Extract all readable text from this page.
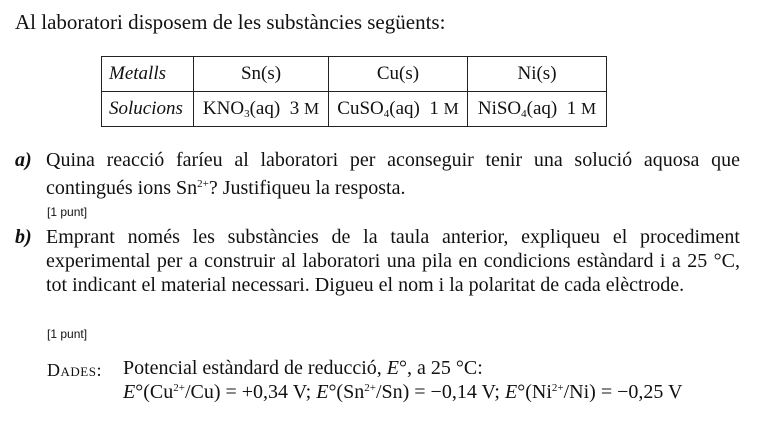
Al laboratori disposem de les substàncies següents:
Metalls	Sn(s)	Cu(s)	Ni(s)
Solucions	$KNO_3(aq)$ 3 M	CuSO$_4$(aq) 1 M	NiSO$_4$(aq) 1 M
a) Quina reacció faríeu al laboratori per aconseguir tenir una solució aquosa que contingués ions $Sn^{2+}$? Justifiqueu la resposta.
[1 punt]
b) Emprant només les substàncies de la taula anterior, expliqueu el procediment experimental per a construir al laboratori una pila en condicions estàndard i a 25 °C, tot indicant el material necessari. Digueu el nom i la polaritat de cada elèctrode.
[1 punt]
Dades: Potencial estàndard de reducció, E°, a 25 °C:
$E^\circ(Cu^{2+}/Cu) = +0,34$ V; $E^\circ(Sn^{2+}/Sn) = -0,14$ V; $E^\circ(Ni^{2+}/Ni) = -0,25$ V
